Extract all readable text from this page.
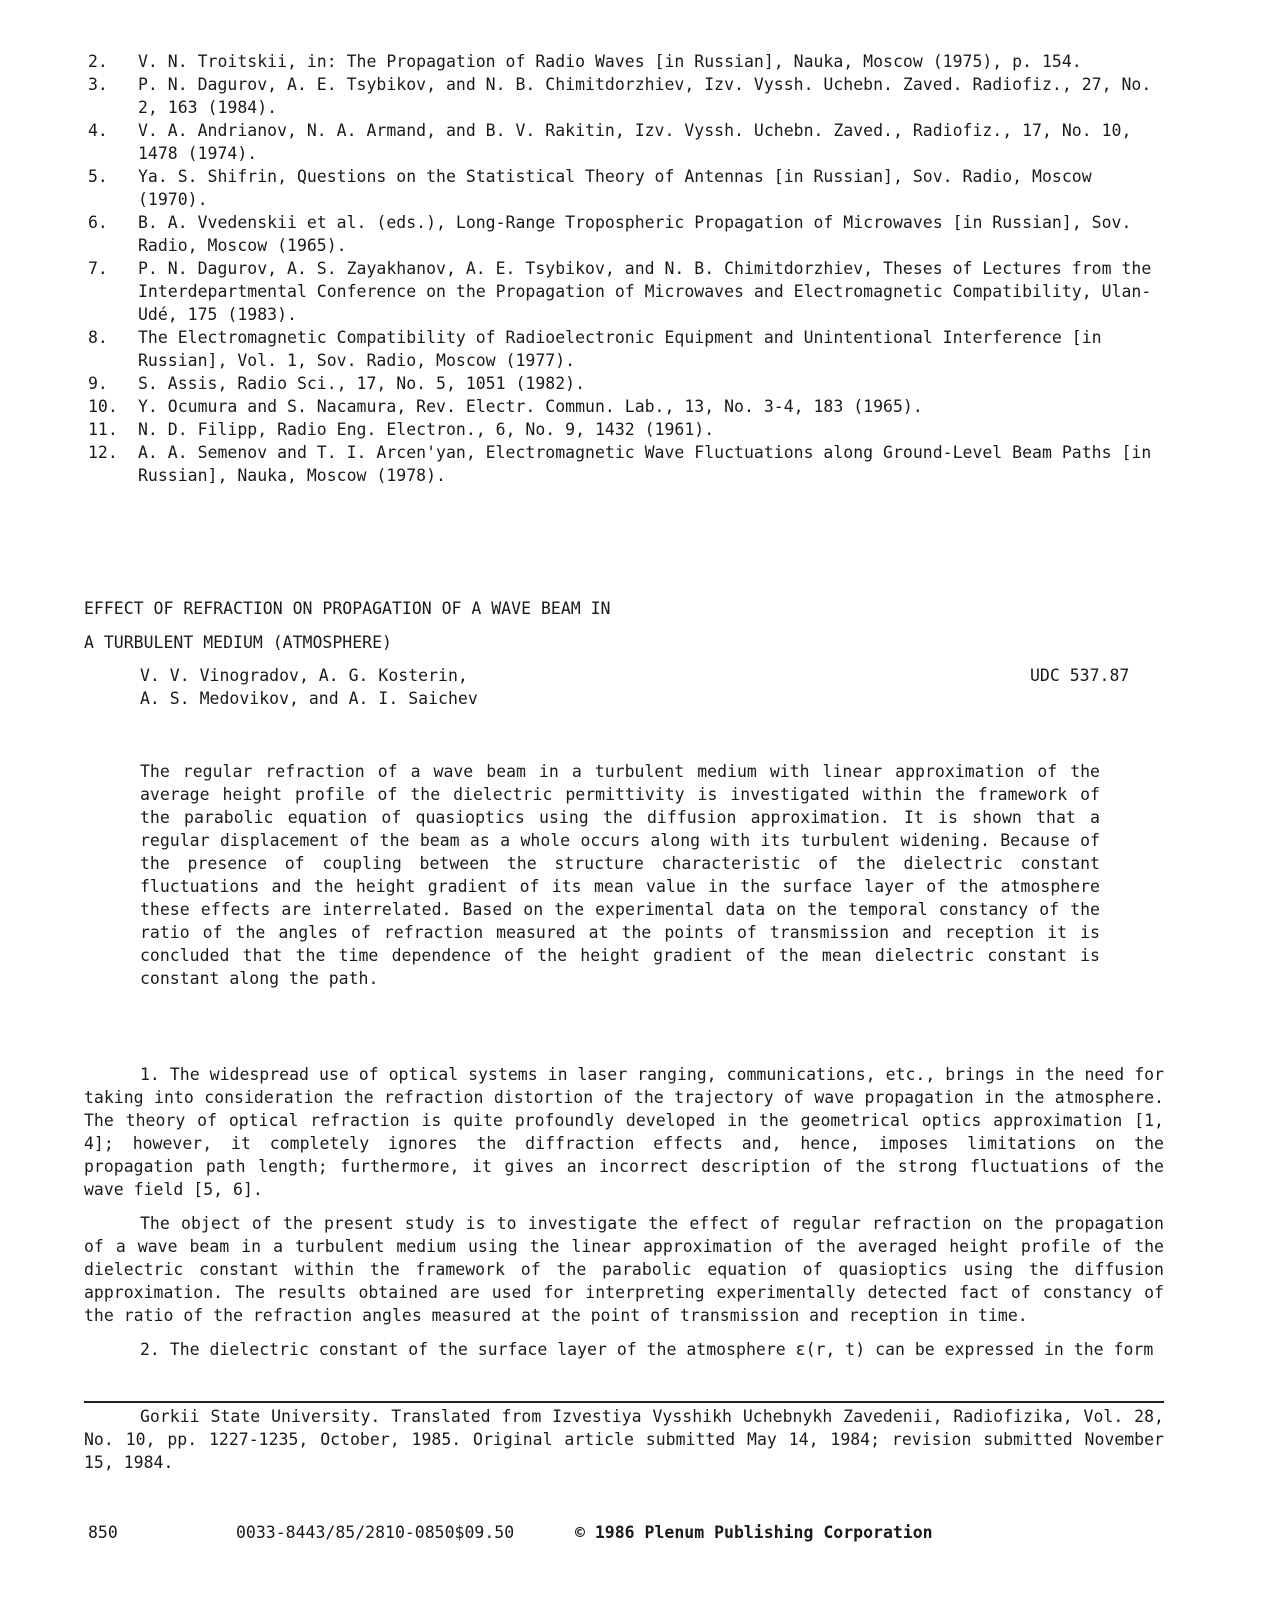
2.	V. N. Troitskii, in: The Propagation of Radio Waves [in Russian], Nauka, Moscow (1975), p. 154.
3.	P. N. Dagurov, A. E. Tsybikov, and N. B. Chimitdorzhiev, Izv. Vyssh. Uchebn. Zaved. Radiofiz., 27, No. 2, 163 (1984).
4.	V. A. Andrianov, N. A. Armand, and B. V. Rakitin, Izv. Vyssh. Uchebn. Zaved., Radiofiz., 17, No. 10, 1478 (1974).
5.	Ya. S. Shifrin, Questions on the Statistical Theory of Antennas [in Russian], Sov. Radio, Moscow (1970).
6.	B. A. Vvedenskii et al. (eds.), Long-Range Tropospheric Propagation of Microwaves [in Russian], Sov. Radio, Moscow (1965).
7.	P. N. Dagurov, A. S. Zayakhanov, A. E. Tsybikov, and N. B. Chimitdorzhiev, Theses of Lectures from the Interdepartmental Conference on the Propagation of Microwaves and Electromagnetic Compatibility, Ulan-Udé, 175 (1983).
8.	The Electromagnetic Compatibility of Radioelectronic Equipment and Unintentional Interference [in Russian], Vol. 1, Sov. Radio, Moscow (1977).
9.	S. Assis, Radio Sci., 17, No. 5, 1051 (1982).
10.	Y. Ocumura and S. Nacamura, Rev. Electr. Commun. Lab., 13, No. 3-4, 183 (1965).
11.	N. D. Filipp, Radio Eng. Electron., 6, No. 9, 1432 (1961).
12.	A. A. Semenov and T. I. Arcen'yan, Electromagnetic Wave Fluctuations along Ground-Level Beam Paths [in Russian], Nauka, Moscow (1978).
EFFECT OF REFRACTION ON PROPAGATION OF A WAVE BEAM IN
A TURBULENT MEDIUM (ATMOSPHERE)
V. V. Vinogradov, A. G. Kosterin,
A. S. Medovikov, and A. I. Saichev
UDC 537.87

The regular refraction of a wave beam in a turbulent medium with linear approximation of the average height profile of the dielectric permittivity is investigated within the framework of the parabolic equation of quasioptics using the diffusion approximation. It is shown that a regular displacement of the beam as a whole occurs along with its turbulent widening. Because of the presence of coupling between the structure characteristic of the dielectric constant fluctuations and the height gradient of its mean value in the surface layer of the atmosphere these effects are interrelated. Based on the experimental data on the temporal constancy of the ratio of the angles of refraction measured at the points of transmission and reception it is concluded that the time dependence of the height gradient of the mean dielectric constant is constant along the path.

1. The widespread use of optical systems in laser ranging, communications, etc., brings in the need for taking into consideration the refraction distortion of the trajectory of wave propagation in the atmosphere. The theory of optical refraction is quite profoundly developed in the geometrical optics approximation [1, 4]; however, it completely ignores the diffraction effects and, hence, imposes limitations on the propagation path length; furthermore, it gives an incorrect description of the strong fluctuations of the wave field [5, 6].

The object of the present study is to investigate the effect of regular refraction on the propagation of a wave beam in a turbulent medium using the linear approximation of the averaged height profile of the dielectric constant within the framework of the parabolic equation of quasioptics using the diffusion approximation. The results obtained are used for interpreting experimentally detected fact of constancy of the ratio of the refraction angles measured at the point of transmission and reception in time.

2. The dielectric constant of the surface layer of the atmosphere ε(r, t) can be expressed in the form

Gorkii State University. Translated from Izvestiya Vysshikh Uchebnykh Zavedenii, Radiofizika, Vol. 28, No. 10, pp. 1227-1235, October, 1985. Original article submitted May 14, 1984; revision submitted November 15, 1984.

850	0033-8443/85/2810-0850$09.50	© 1986 Plenum Publishing Corporation
